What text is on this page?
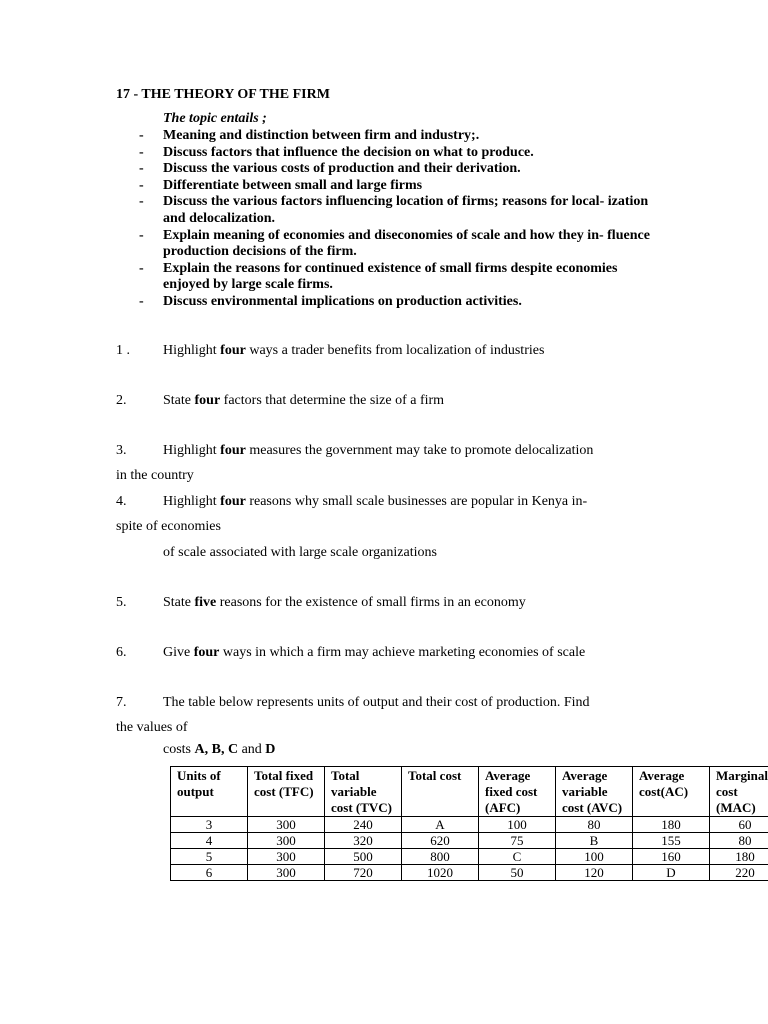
17 - THE THEORY OF THE FIRM
The topic entails ;
-	Meaning and distinction between firm and industry;.
-	Discuss factors that influence the decision on what to produce.
-	Discuss the various costs of production and their derivation.
-	Differentiate between small and large firms
-	Discuss the various factors influencing location of firms; reasons for local- ization and delocalization.
-	Explain meaning of economies and diseconomies of scale and how they in- fluence production decisions of the firm.
-	Explain the reasons for continued existence of small firms despite economies enjoyed by large scale firms.
-	Discuss environmental implications on production activities.
1 . Highlight four ways a trader benefits from localization of industries
2.	State four factors that determine the size of a firm
3.	Highlight four measures the government may take to promote delocalization
in the country
4.	Highlight four reasons why small scale businesses are popular in Kenya in-
spite of economies
of scale associated with large scale organizations
5.	State five reasons for the existence of small firms in an economy
6.	Give four ways in which a firm may achieve marketing economies of scale
7.	The table below represents units of output and their cost of production. Find
the values of
costs A, B, C and D
Units of output	Total fixed cost (TFC)	Total variable cost (TVC)	Total cost	Average fixed cost (AFC)	Average variable cost (AVC)	Average cost(AC)	Marginal cost (MAC)
3	300	240	A	100	80	180	60
4	300	320	620	75	B	155	80
5	300	500	800	C	100	160	180
6	300	720	1020	50	120	D	220
